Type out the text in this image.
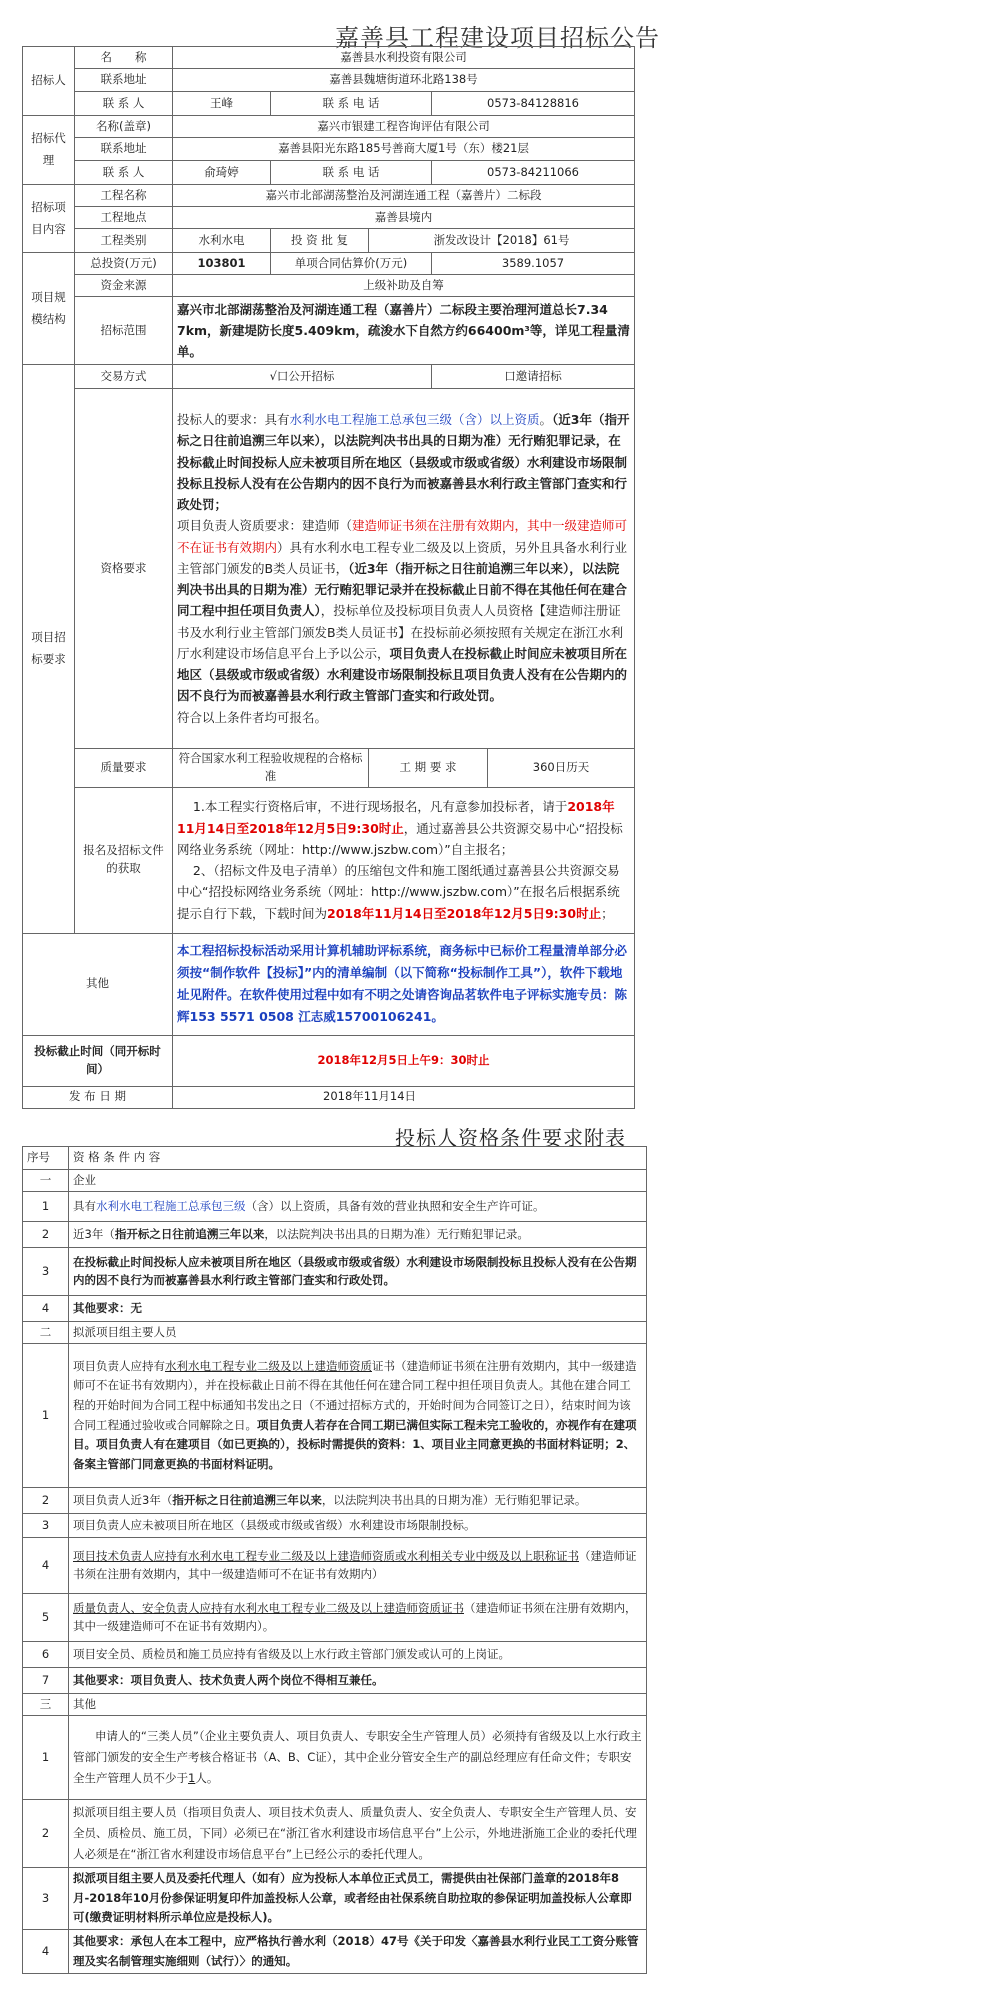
嘉善县工程建设项目招标公告
招标人	名　　称	嘉善县水利投资有限公司				
	联系地址	嘉善县魏塘街道环北路138号				
	联 系 人	王峰	联 系 电 话		0573-84128816	
招标代理	名称(盖章)	嘉兴市银建工程咨询评估有限公司				
	联系地址	嘉善县阳光东路185号善商大厦1号（东）楼21层				
	联 系 人	俞琦婷	联 系 电 话		0573-84211066	
招标项目内容	工程名称	嘉兴市北部湖荡整治及河湖连通工程（嘉善片）二标段				
	工程地点	嘉善县境内				
	工程类别	水利水电	投 资 批 复	浙发改设计【2018】61号		
项目规模结构	总投资(万元)	103801	单项合同估算价(万元)		3589.1057	
	资金来源	上级补助及自筹				
	招标范围	嘉兴市北部湖荡整治及河湖连通工程（嘉善片）二标段主要治理河道总长7.34 7km，新建堤防长度5.409km，疏浚水下自然方约66400m³等，详见工程量清单。				
项目招标要求	交易方式	√口公开招标			口邀请招标	
	资格要求	投标人的要求：具有水利水电工程施工总承包三级（含）以上资质。（近3年（指开标之日往前追溯三年以来），以法院判决书出具的日期为准）无行贿犯罪记录，在投标截止时间投标人应未被项目所在地区（县级或市级或省级）水利建设市场限制投标且投标人没有在公告期内的因不良行为而被嘉善县水利行政主管部门查实和行政处罚；
项目负责人资质要求：建造师（建造师证书须在注册有效期内，其中一级建造师可不在证书有效期内）具有水利水电工程专业二级及以上资质，另外且具备水利行业主管部门颁发的B类人员证书，（近3年（指开标之日往前追溯三年以来），以法院判决书出具的日期为准）无行贿犯罪记录并在投标截止日前不得在其他任何在建合同工程中担任项目负责人），投标单位及投标项目负责人人员资格【建造师注册证书及水利行业主管部门颁发B类人员证书】在投标前必须按照有关规定在浙江水利厅水利建设市场信息平台上予以公示，项目负责人在投标截止时间应未被项目所在地区（县级或市级或省级）水利建设市场限制投标且项目负责人没有在公告期内的因不良行为而被嘉善县水利行政主管部门查实和行政处罚。
符合以上条件者均可报名。				
	质量要求	符合国家水利工程验收规程的合格标准		工 期 要 求		360日历天
	报名及招标文件的获取	1.本工程实行资格后审，不进行现场报名，凡有意参加投标者，请于2018年11月14日至2018年12月5日9:30时止，通过嘉善县公共资源交易中心“招投标网络业务系统（网址：http://www.jszbw.com）”自主报名；
2、（招标文件及电子清单）的压缩包文件和施工图纸通过嘉善县公共资源交易中心“招投标网络业务系统（网址：http://www.jszbw.com）”在报名后根据系统提示自行下载，下载时间为2018年11月14日至2018年12月5日9:30时止；				
其他		本工程招标投标活动采用计算机辅助评标系统，商务标中已标价工程量清单部分必须按“制作软件【投标】”内的清单编制（以下简称“投标制作工具”），软件下载地址见附件。在软件使用过程中如有不明之处请咨询品茗软件电子评标实施专员：陈辉153 5571 0508 江志威15700106241。				
投标截止时间（同开标时间）		2018年12月5日上午9：30时止				
发 布 日 期		2018年11月14日				
投标人资格条件要求附表
序号	资 格 条 件 内 容
一	企业
1	具有水利水电工程施工总承包三级（含）以上资质，具备有效的营业执照和安全生产许可证。
2	近3年（指开标之日往前追溯三年以来，以法院判决书出具的日期为准）无行贿犯罪记录。
3	在投标截止时间投标人应未被项目所在地区（县级或市级或省级）水利建设市场限制投标且投标人没有在公告期内的因不良行为而被嘉善县水利行政主管部门查实和行政处罚。
4	其他要求：无
二	拟派项目组主要人员
1	项目负责人应持有水利水电工程专业二级及以上建造师资质证书（建造师证书须在注册有效期内，其中一级建造师可不在证书有效期内），并在投标截止日前不得在其他任何在建合同工程中担任项目负责人。其他在建合同工程的开始时间为合同工程中标通知书发出之日（不通过招标方式的，开始时间为合同签订之日），结束时间为该合同工程通过验收或合同解除之日。项目负责人若存在合同工期已满但实际工程未完工验收的，亦视作有在建项目。项目负责人有在建项目（如已更换的），投标时需提供的资料：1、项目业主同意更换的书面材料证明；2、备案主管部门同意更换的书面材料证明。
2	项目负责人近3年（指开标之日往前追溯三年以来，以法院判决书出具的日期为准）无行贿犯罪记录。
3	项目负责人应未被项目所在地区（县级或市级或省级）水利建设市场限制投标。
4	项目技术负责人应持有水利水电工程专业二级及以上建造师资质或水利相关专业中级及以上职称证书（建造师证书须在注册有效期内，其中一级建造师可不在证书有效期内）
5	质量负责人、安全负责人应持有水利水电工程专业二级及以上建造师资质证书（建造师证书须在注册有效期内，其中一级建造师可不在证书有效期内）。
6	项目安全员、质检员和施工员应持有省级及以上水行政主管部门颁发或认可的上岗证。
7	其他要求：项目负责人、技术负责人两个岗位不得相互兼任。
三	其他
1	申请人的“三类人员”（企业主要负责人、项目负责人、专职安全生产管理人员）必须持有省级及以上水行政主管部门颁发的安全生产考核合格证书（A、B、C证），其中企业分管安全生产的副总经理应有任命文件；专职安全生产管理人员不少于1人。
2	拟派项目组主要人员（指项目负责人、项目技术负责人、质量负责人、安全负责人、专职安全生产管理人员、安全员、质检员、施工员，下同）必须已在“浙江省水利建设市场信息平台”上公示，外地进浙施工企业的委托代理人必须是在“浙江省水利建设市场信息平台”上已经公示的委托代理人。
3	拟派项目组主要人员及委托代理人（如有）应为投标人本单位正式员工，需提供由社保部门盖章的2018年8月-2018年10月份参保证明复印件加盖投标人公章，或者经由社保系统自助拉取的参保证明加盖投标人公章即可(缴费证明材料所示单位应是投标人)。
4	其他要求：承包人在本工程中，应严格执行善水利（2018）47号《关于印发〈嘉善县水利行业民工工资分账管理及实名制管理实施细则（试行）〉的通知。
